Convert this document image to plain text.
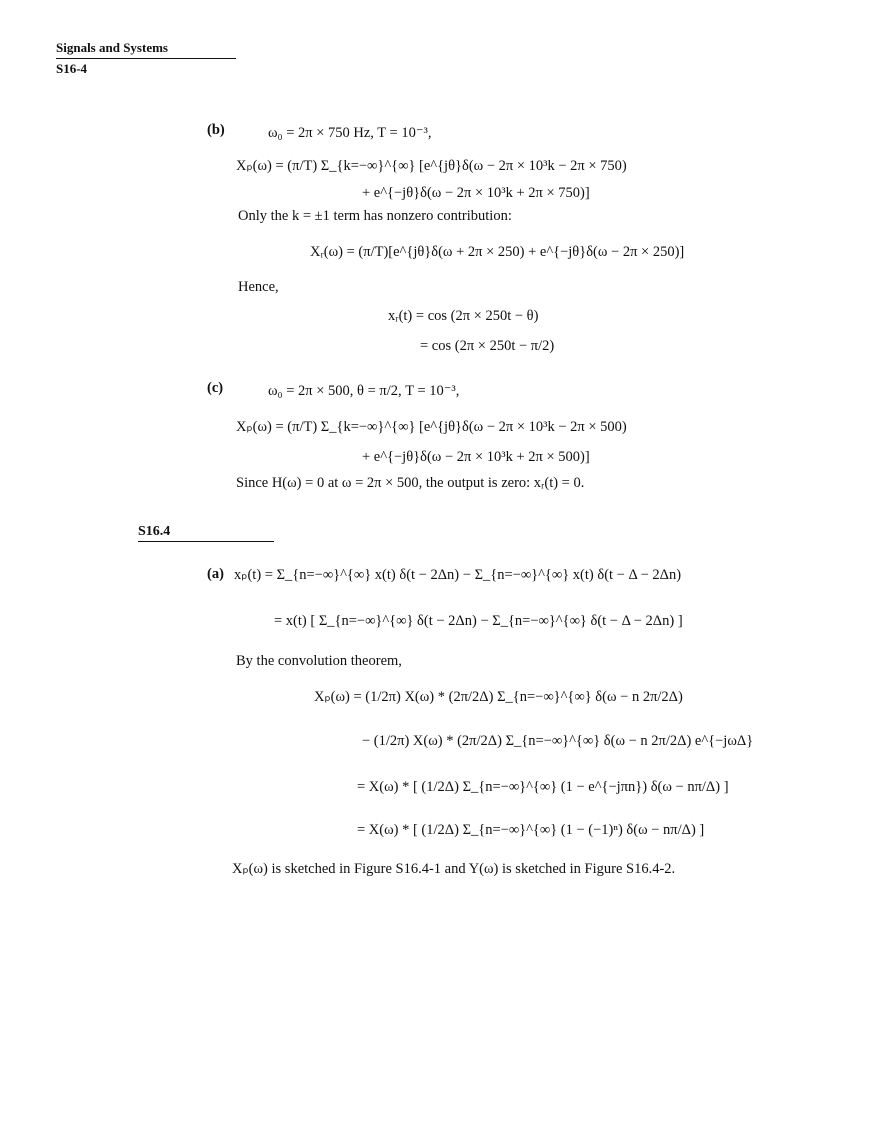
Signals and Systems
S16-4
(b)	ω₀ = 2π × 750 Hz, T = 10⁻³,
Xₚ(ω) = (π/T) Σ_{k=−∞}^{∞} [e^{jθ}δ(ω − 2π × 10³k − 2π × 750)
+ e^{−jθ}δ(ω − 2π × 10³k + 2π × 750)]
Only the k = ±1 term has nonzero contribution:
Xᵣ(ω) = (π/T)[e^{jθ}δ(ω + 2π × 250) + e^{−jθ}δ(ω − 2π × 250)]
Hence,
xᵣ(t) = cos (2π × 250t − θ)
= cos (2π × 250t − π/2)
(c)	ω₀ = 2π × 500, θ = π/2, T = 10⁻³,
Xₚ(ω) = (π/T) Σ_{k=−∞}^{∞} [e^{jθ}δ(ω − 2π × 10³k − 2π × 500)
+ e^{−jθ}δ(ω − 2π × 10³k + 2π × 500)]
Since H(ω) = 0 at ω = 2π × 500, the output is zero: xᵣ(t) = 0.
S16.4
(a) xₚ(t) = Σ_{n=−∞}^{∞} x(t) δ(t − 2Δn) − Σ_{n=−∞}^{∞} x(t) δ(t − Δ − 2Δn)
= x(t) [ Σ_{n=−∞}^{∞} δ(t − 2Δn) − Σ_{n=−∞}^{∞} δ(t − Δ − 2Δn) ]
By the convolution theorem,
Xₚ(ω) = (1/2π) X(ω) * (2π/2Δ) Σ_{n=−∞}^{∞} δ(ω − n 2π/2Δ)
− (1/2π) X(ω) * (2π/2Δ) Σ_{n=−∞}^{∞} δ(ω − n 2π/2Δ) e^{−jωΔ}
= X(ω) * [ (1/2Δ) Σ_{n=−∞}^{∞} (1 − e^{−jπn}) δ(ω − nπ/Δ) ]
= X(ω) * [ (1/2Δ) Σ_{n=−∞}^{∞} (1 − (−1)ⁿ) δ(ω − nπ/Δ) ]
Xₚ(ω) is sketched in Figure S16.4-1 and Y(ω) is sketched in Figure S16.4-2.
